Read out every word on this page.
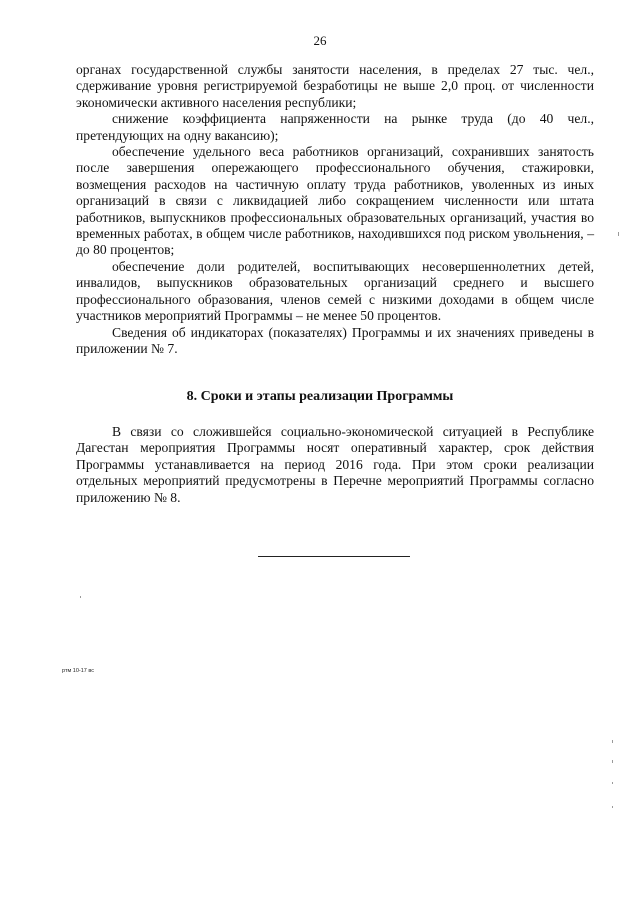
26

органах государственной службы занятости населения, в пределах 27 тыс. чел., сдерживание уровня регистрируемой безработицы не выше 2,0 проц. от численности экономически активного населения республики;

снижение коэффициента напряженности на рынке труда (до 40 чел., претендующих на одну вакансию);

обеспечение удельного веса работников организаций, сохранивших занятость после завершения опережающего профессионального обучения, стажировки, возмещения расходов на частичную оплату труда работников, уволенных из иных организаций в связи с ликвидацией либо сокращением численности или штата работников, выпускников профессиональных образовательных организаций, участия во временных работах, в общем числе работников, находившихся под риском увольнения, – до 80 процентов;

обеспечение доли родителей, воспитывающих несовершеннолетних детей, инвалидов, выпускников образовательных организаций среднего и высшего профессионального образования, членов семей с низкими доходами в общем числе участников мероприятий Программы – не менее 50 процентов.

Сведения об индикаторах (показателях) Программы и их значениях приведены в приложении № 7.

8. Сроки и этапы реализации Программы

В связи со сложившейся социально-экономической ситуацией в Республике Дагестан мероприятия Программы носят оперативный характер, срок действия Программы устанавливается на период 2016 года. При этом сроки реализации отдельных мероприятий предусмотрены в Перечне мероприятий Программы согласно приложению № 8.

ртм 10-17 вс
